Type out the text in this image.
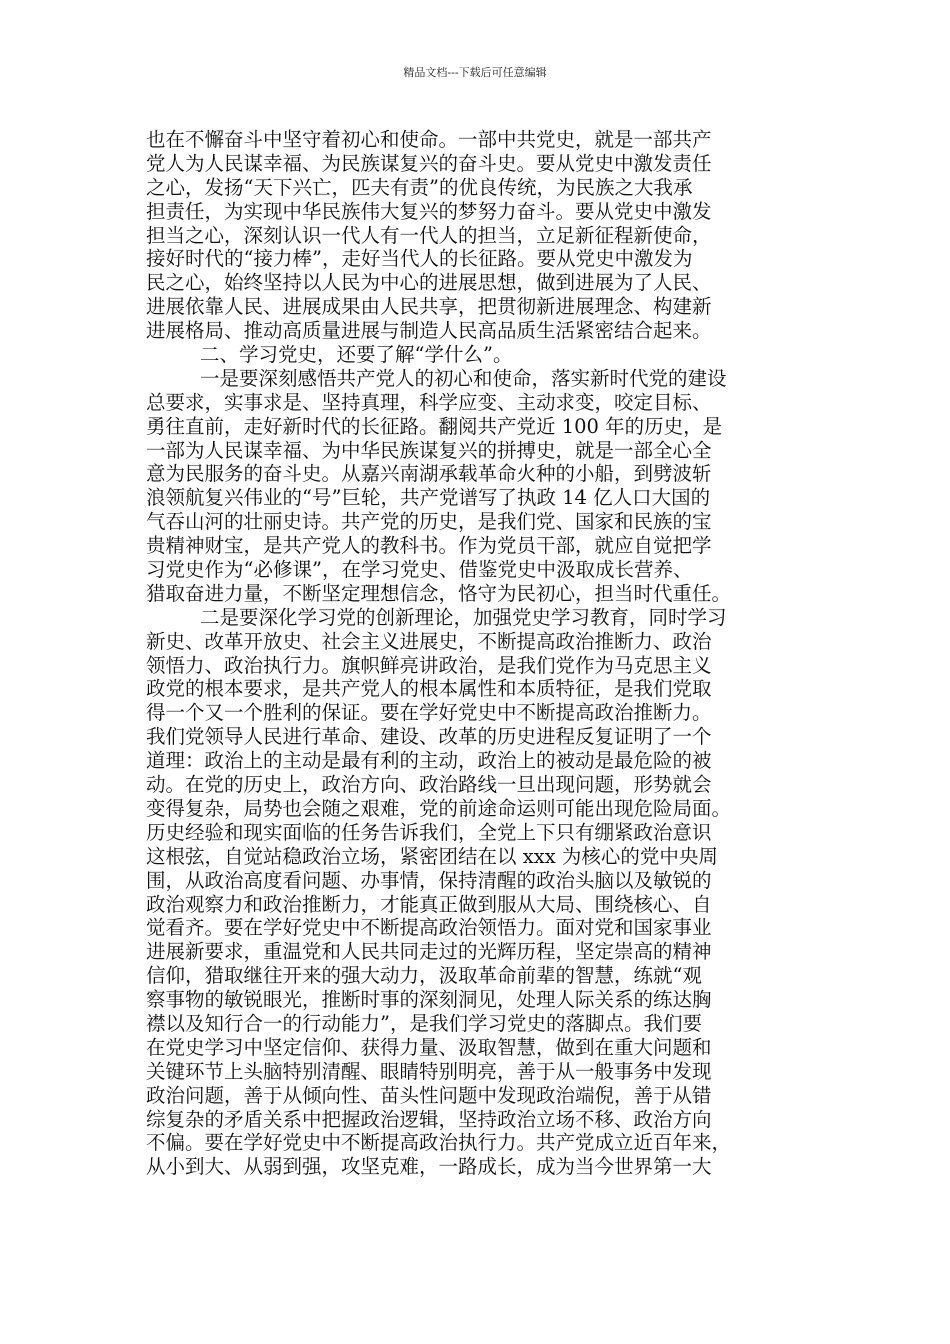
精品文档---下载后可任意编辑
也在不懈奋斗中坚守着初心和使命。一部中共党史，就是一部共产
党人为人民谋幸福、为民族谋复兴的奋斗史。要从党史中激发责任
之心，发扬“天下兴亡，匹夫有责”的优良传统，为民族之大我承
担责任，为实现中华民族伟大复兴的梦努力奋斗。要从党史中激发
担当之心，深刻认识一代人有一代人的担当，立足新征程新使命，
接好时代的“接力棒”，走好当代人的长征路。要从党史中激发为
民之心，始终坚持以人民为中心的进展思想，做到进展为了人民、
进展依靠人民、进展成果由人民共享，把贯彻新进展理念、构建新
进展格局、推动高质量进展与制造人民高品质生活紧密结合起来。
二、学习党史，还要了解“学什么”。
一是要深刻感悟共产党人的初心和使命，落实新时代党的建设
总要求，实事求是、坚持真理，科学应变、主动求变，咬定目标、
勇往直前，走好新时代的长征路。翻阅共产党近 100 年的历史，是
一部为人民谋幸福、为中华民族谋复兴的拼搏史，就是一部全心全
意为民服务的奋斗史。从嘉兴南湖承载革命火种的小船，到劈波斩
浪领航复兴伟业的“号”巨轮，共产党谱写了执政 14 亿人口大国的
气吞山河的壮丽史诗。共产党的历史，是我们党、国家和民族的宝
贵精神财宝，是共产党人的教科书。作为党员干部，就应自觉把学
习党史作为“必修课”，在学习党史、借鉴党史中汲取成长营养、
猎取奋进力量，不断坚定理想信念，恪守为民初心，担当时代重任。
二是要深化学习党的创新理论，加强党史学习教育，同时学习
新史、改革开放史、社会主义进展史，不断提高政治推断力、政治
领悟力、政治执行力。旗帜鲜亮讲政治，是我们党作为马克思主义
政党的根本要求，是共产党人的根本属性和本质特征，是我们党取
得一个又一个胜利的保证。要在学好党史中不断提高政治推断力。
我们党领导人民进行革命、建设、改革的历史进程反复证明了一个
道理：政治上的主动是最有利的主动，政治上的被动是最危险的被
动。在党的历史上，政治方向、政治路线一旦出现问题，形势就会
变得复杂，局势也会随之艰难，党的前途命运则可能出现危险局面。
历史经验和现实面临的任务告诉我们，全党上下只有绷紧政治意识
这根弦，自觉站稳政治立场，紧密团结在以 xxx 为核心的党中央周
围，从政治高度看问题、办事情，保持清醒的政治头脑以及敏锐的
政治观察力和政治推断力，才能真正做到服从大局、围绕核心、自
觉看齐。要在学好党史中不断提高政治领悟力。面对党和国家事业
进展新要求，重温党和人民共同走过的光辉历程，坚定崇高的精神
信仰，猎取继往开来的强大动力，汲取革命前辈的智慧，练就“观
察事物的敏锐眼光，推断时事的深刻洞见，处理人际关系的练达胸
襟以及知行合一的行动能力”，是我们学习党史的落脚点。我们要
在党史学习中坚定信仰、获得力量、汲取智慧，做到在重大问题和
关键环节上头脑特别清醒、眼睛特别明亮，善于从一般事务中发现
政治问题，善于从倾向性、苗头性问题中发现政治端倪，善于从错
综复杂的矛盾关系中把握政治逻辑，坚持政治立场不移、政治方向
不偏。要在学好党史中不断提高政治执行力。共产党成立近百年来，
从小到大、从弱到强，攻坚克难，一路成长，成为当今世界第一大
